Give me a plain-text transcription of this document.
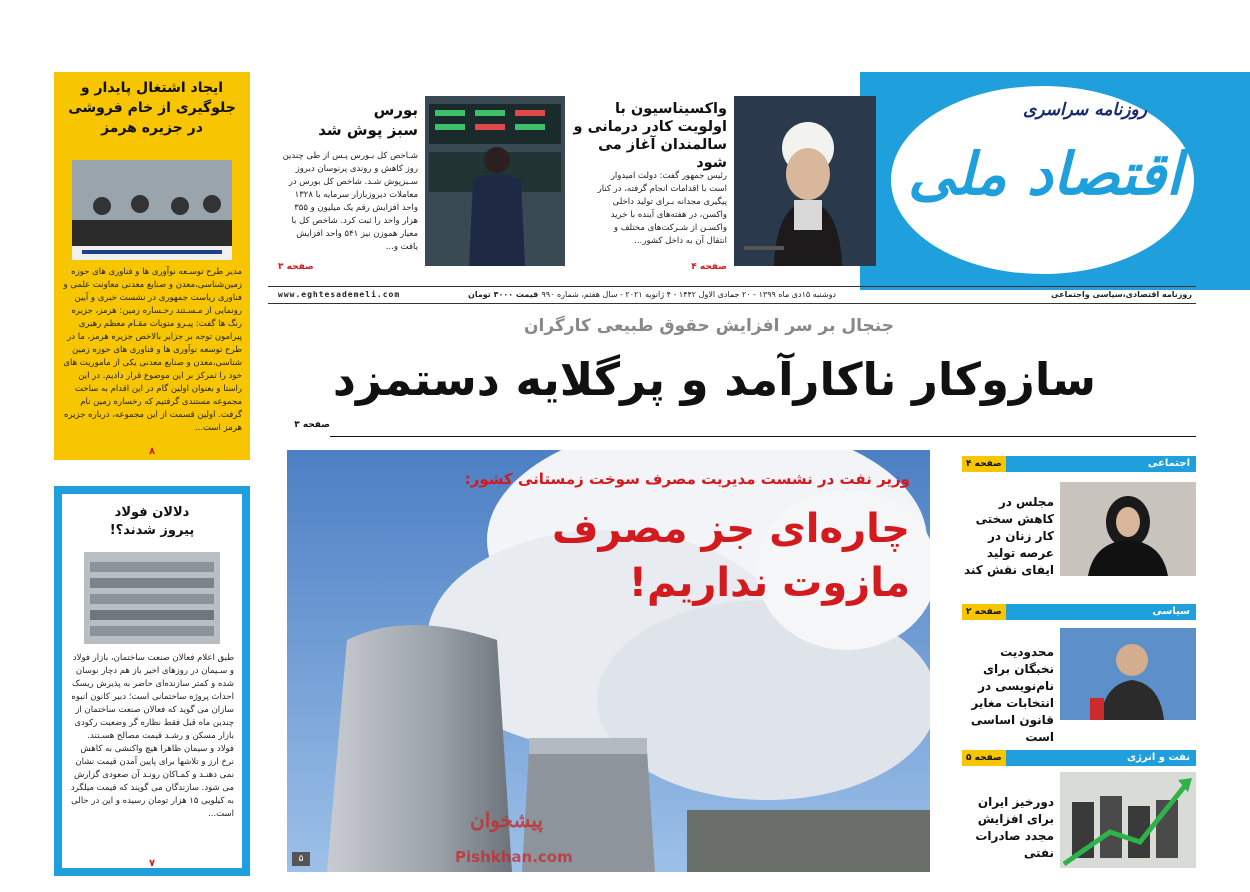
روزنامه سراسری
اقتصاد ملی
واکسیناسیون با
اولویت کادر درمانی و
سالمندان آغاز می شود
رئیس جمهور گفت: دولت امیدوار است با اقدامات انجام گرفته، در کنار پیگیری مجدانه بـرای تولید داخلی واکسن، در هفته‌های آینده با خرید واکسـن از شـرکت‌های مختلف و انتقال آن به داخل کشور...
صفحه ۴
بورس
سبز پوش شد
شـاخص کل بـورس پـس از طی چندین روز کاهش و روندی پرنوسان دیروز سـبزپوش شـد. شاخص کل بورس در معاملات دیروزبازار سرمایه با ۱۳۲۸ واحد افزایش رقم یک میلیون و ۳۵۵ هزار واحد را ثبت کرد. شاخص کل با معیار هموزن نیز ۵۴۱ واحد افزایش یافت و...
صفحه ۳
ایجاد اشتغال پایدار و
جلوگیری از خام فروشی
در جزیره هرمز
مدیر طرح توسـعه نوآوری ها و فناوری های حوزه زمین‌شناسی،معدن و صنایع معدنی معاونت علمی و فناوری ریاست جمهوری در نشست خبری و آیین رونمایی از مـسـتند رخـساره زمین: هرمز، جزیره رنگ ها گفت: پیـرو منویات مقـام معظم رهبری پیرامون توجه بر جزایر بالاخص جزیره هرمز، ما در طرح توسعه نوآوری ها و فناوری های حوزه زمین شناسی،معدن و صنایع معدنی یکی از ماموریت های خود را تمرکز بر این موضوع قرار دادیم. در این راستا و بعنوان اولین گام در این اقدام به ساخت مجموعه مستندی گرفتیم که رخساره زمین نام گرفت. اولین قسمت از این مجموعه، درباره جزیره هرمز است...
۸
دلالان فولاد
پیروز شدند؟!
طبق اعلام فعالان صنعت ساختمان، بازار فولاد و سـیمان در روزهای اخیر باز هم دچار نوسان شده و کمتر سازنده‌ای حاضر به پذیرش ریسک احداث پروژه ساختمانی است؛ دبیر کانون انبوه سازان می گوید که فعالان صنعت ساختمان از چندین ماه قبل فقط نظاره گر وضعیت رکودی بازار مسکن و رشـد قیمت مصالح هسـتند. فولاد و سیمان ظاهرا هیچ واکنشی به کاهش نرخ ارز و تلاشها برای پایین آمدن قیمت نشان نمی دهنـد و کمـاکان رونـد آن صعودی گزارش می شود. سازندگان می گویند که قیمت میلگرد به کیلویی ۱۵ هزار تومان رسیده و این در حالی است...
۷
روزنامه اقتصادی،سیاسی واجتماعی
دوشنبه ۱۵دی ماه ۱۳۹۹ - ۲۰ جمادی الاول ۱۴۴۲ - ۴ ژانویه ۲۰۲۱ - سال هفتم، شماره ۹۹۰
قیمت ۳۰۰۰ تومان
www.eghtesademeli.com
جنجال بر سر افزایش حقوق طبیعی کارگران
سازوکار ناکارآمد و پرگلایه دستمزد
صفحه ۳
وزیر نفت در نشست مدیریت مصرف سوخت زمستانی کشور:
چاره‌ای جز مصرف
مازوت نداریم!
۵
پیشخوان
Pishkhan.com
اجتماعی
صفحه ۴
مجلس در کاهش سختی کار زنان در عرصه تولید ایفای نقش کند
سیاسی
صفحه ۲
محدودیت نخبگان برای نام‌نویسی در انتخابات مغایر قانون اساسی است
نفت و انرژی
صفحه ۵
دورخیز ایران برای افزایش مجدد صادرات نفتی
